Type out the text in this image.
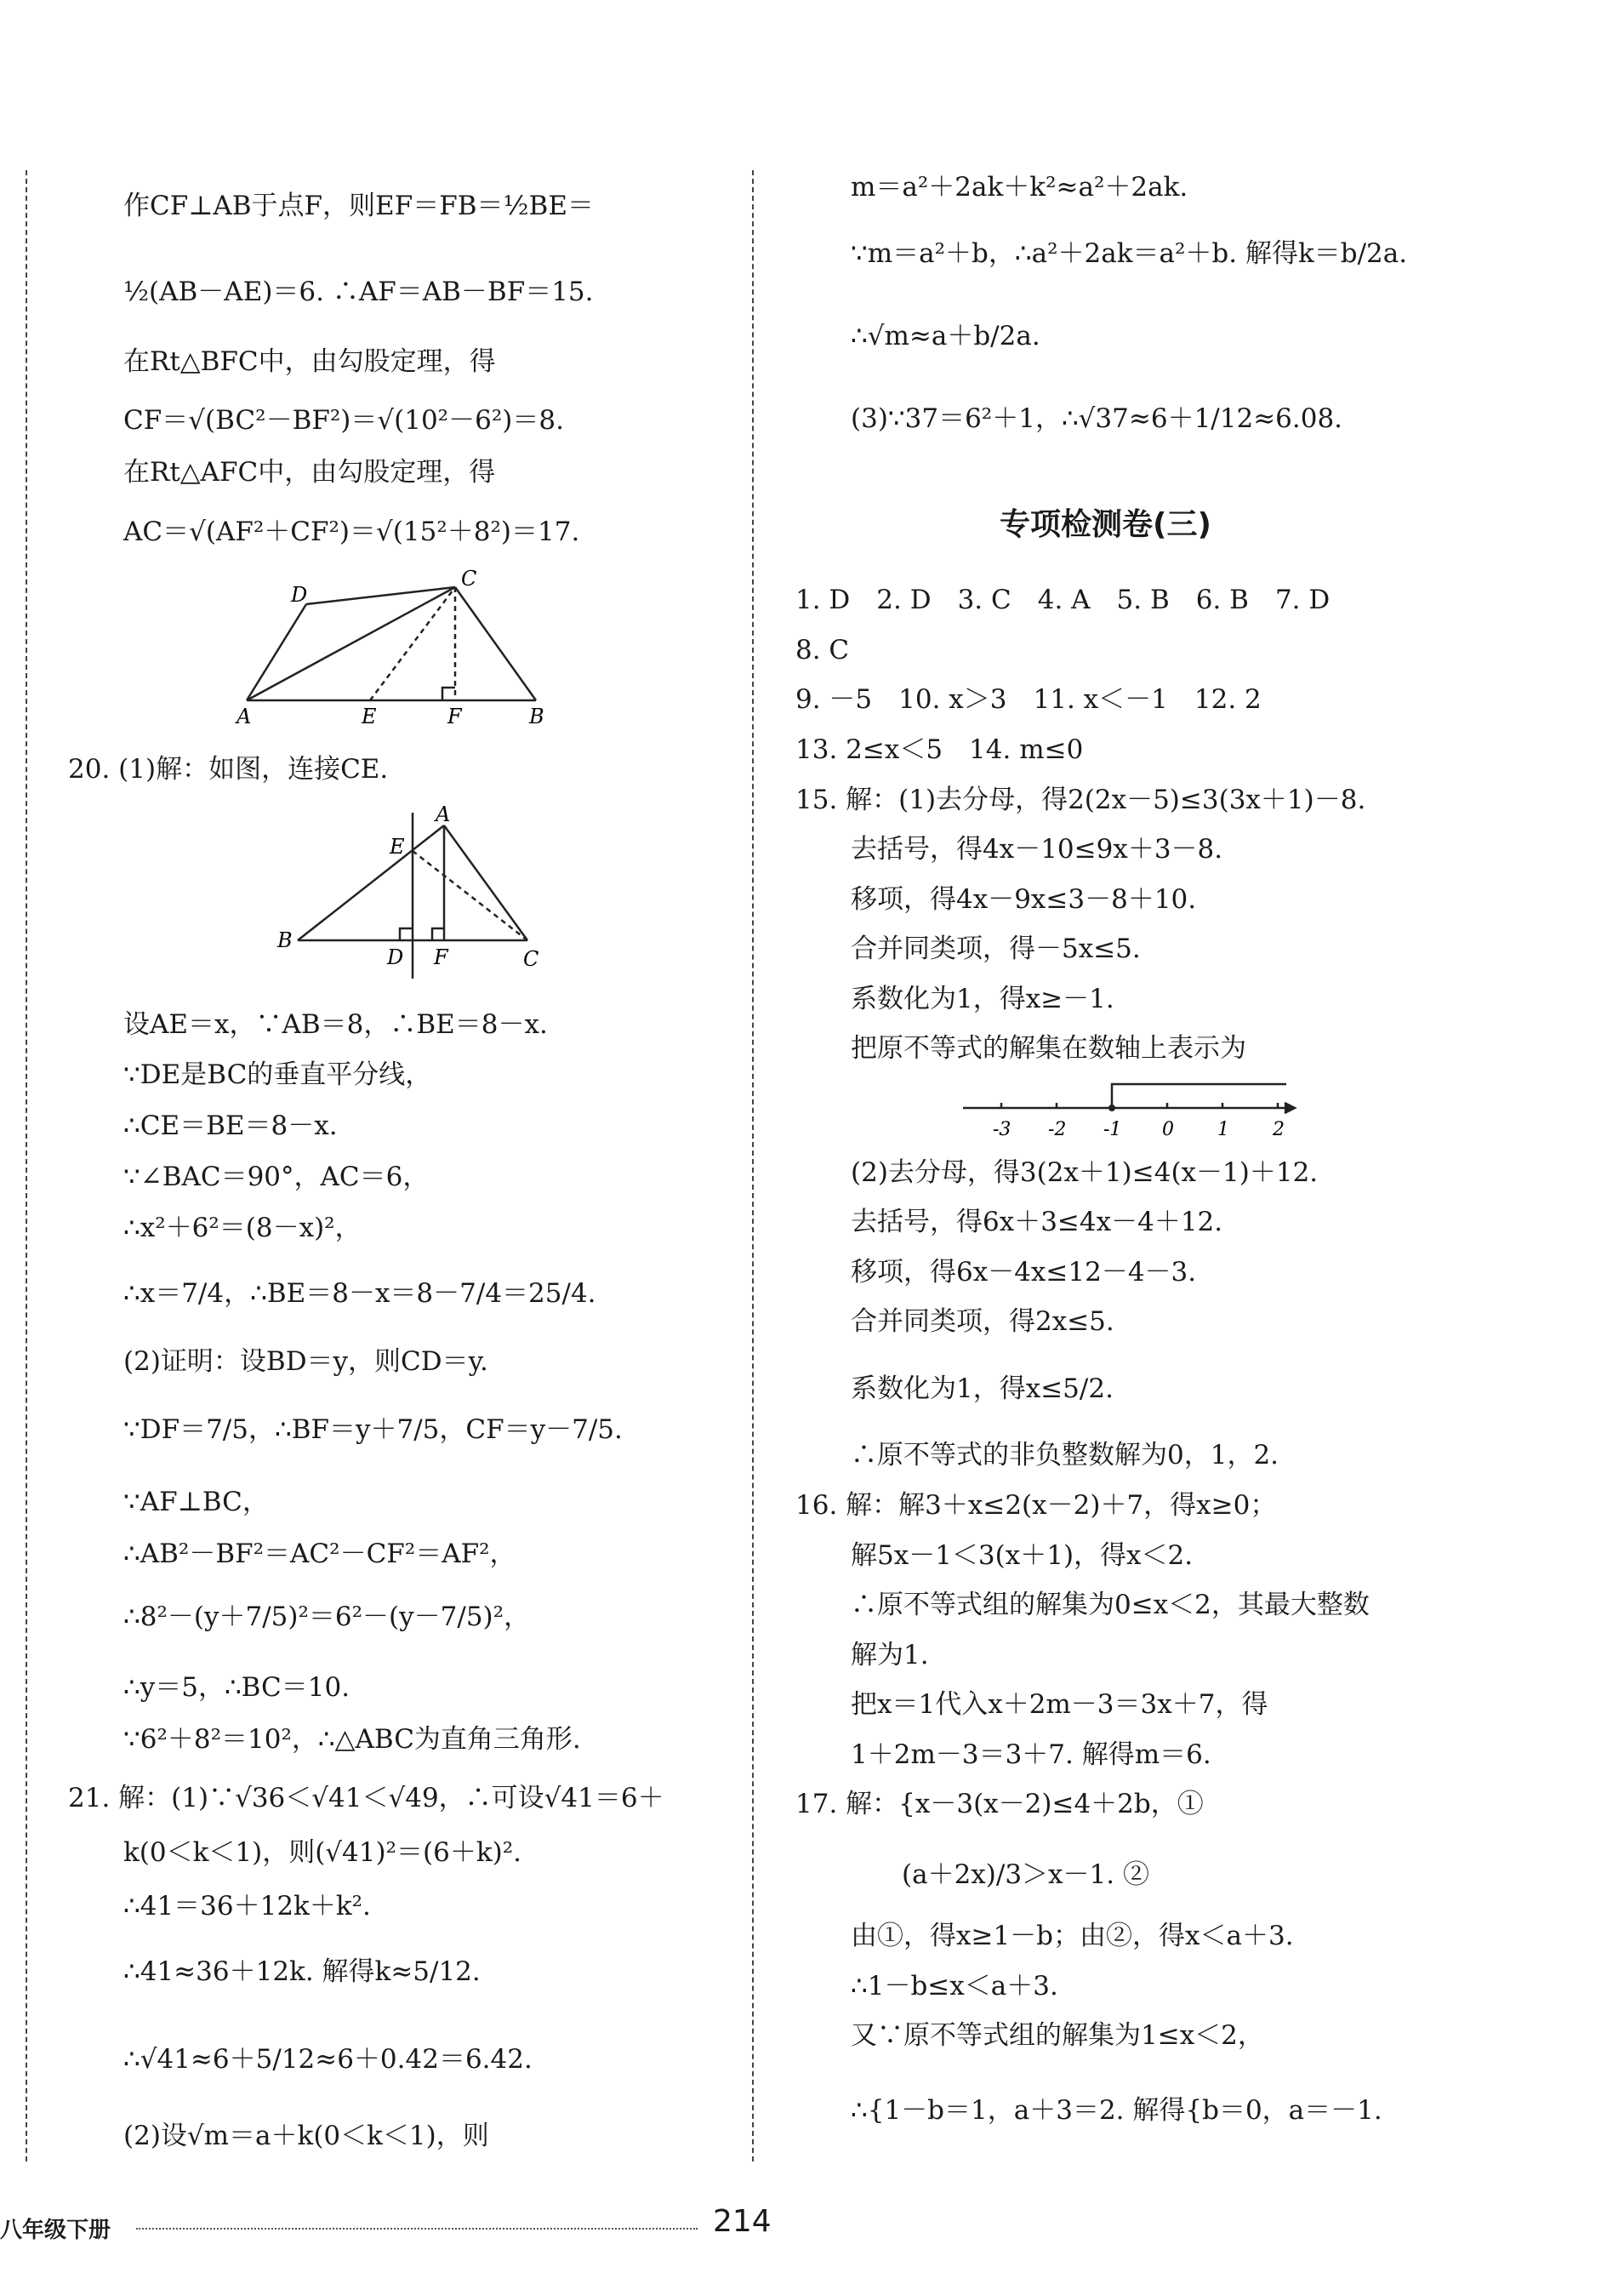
作CF⊥AB于点F，则EF＝FB＝½BE＝
½(AB－AE)＝6. ∴AF＝AB－BF＝15.
在Rt△BFC中，由勾股定理，得
CF＝√(BC²－BF²)＝√(10²－6²)＝8.
在Rt△AFC中，由勾股定理，得
AC＝√(AF²＋CF²)＝√(15²＋8²)＝17.
D
C
A	E	F	B
20. (1)解：如图，连接CE.
A
E
B
D F	C
设AE＝x，∵AB＝8，∴BE＝8－x.
∵DE是BC的垂直平分线，
∴CE＝BE＝8－x.
∵∠BAC＝90°，AC＝6，
∴x²＋6²＝(8－x)²，
∴x＝7/4，∴BE＝8－x＝8－7/4＝25/4.
(2)证明：设BD＝y，则CD＝y.
∵DF＝7/5，∴BF＝y＋7/5，CF＝y－7/5.
∵AF⊥BC，
∴AB²－BF²＝AC²－CF²＝AF²，
∴8²－(y＋7/5)²＝6²－(y－7/5)²，
∴y＝5，∴BC＝10.
∵6²＋8²＝10²，∴△ABC为直角三角形.
21. 解：(1)∵√36＜√41＜√49，∴可设√41＝6＋
k(0＜k＜1)，则(√41)²＝(6＋k)².
∴41＝36＋12k＋k².
∴41≈36＋12k. 解得k≈5/12.
∴√41≈6＋5/12≈6＋0.42＝6.42.
(2)设√m＝a＋k(0＜k＜1)，则
m＝a²＋2ak＋k²≈a²＋2ak.
∵m＝a²＋b，∴a²＋2ak＝a²＋b. 解得k＝b/2a.
∴√m≈a＋b/2a.
(3)∵37＝6²＋1，∴√37≈6＋1/12≈6.08.
专项检测卷(三)
1. D　2. D　3. C　4. A　5. B　6. B　7. D
8. C
9. －5　10. x＞3　11. x＜－1　12. 2
13. 2≤x＜5　14. m≤0
15. 解：(1)去分母，得2(2x－5)≤3(3x＋1)－8.
去括号，得4x－10≤9x＋3－8.
移项，得4x－9x≤3－8＋10.
合并同类项，得－5x≤5.
系数化为1，得x≥－1.
把原不等式的解集在数轴上表示为
-3 -2 -1 0 1 2
(2)去分母，得3(2x＋1)≤4(x－1)＋12.
去括号，得6x＋3≤4x－4＋12.
移项，得6x－4x≤12－4－3.
合并同类项，得2x≤5.
系数化为1，得x≤5/2.
∴原不等式的非负整数解为0，1，2.
16. 解：解3＋x≤2(x－2)＋7，得x≥0；
解5x－1＜3(x＋1)，得x＜2.
∴原不等式组的解集为0≤x＜2，其最大整数
解为1.
把x＝1代入x＋2m－3＝3x＋7，得
1＋2m－3＝3＋7. 解得m＝6.
17. 解：{x－3(x－2)≤4＋2b，①
(a＋2x)/3＞x－1. ②
由①，得x≥1－b；由②，得x＜a＋3.
∴1－b≤x＜a＋3.
又∵原不等式组的解集为1≤x＜2，
∴{1－b＝1，a＋3＝2. 解得{b＝0，a＝－1.
八年级下册	214
